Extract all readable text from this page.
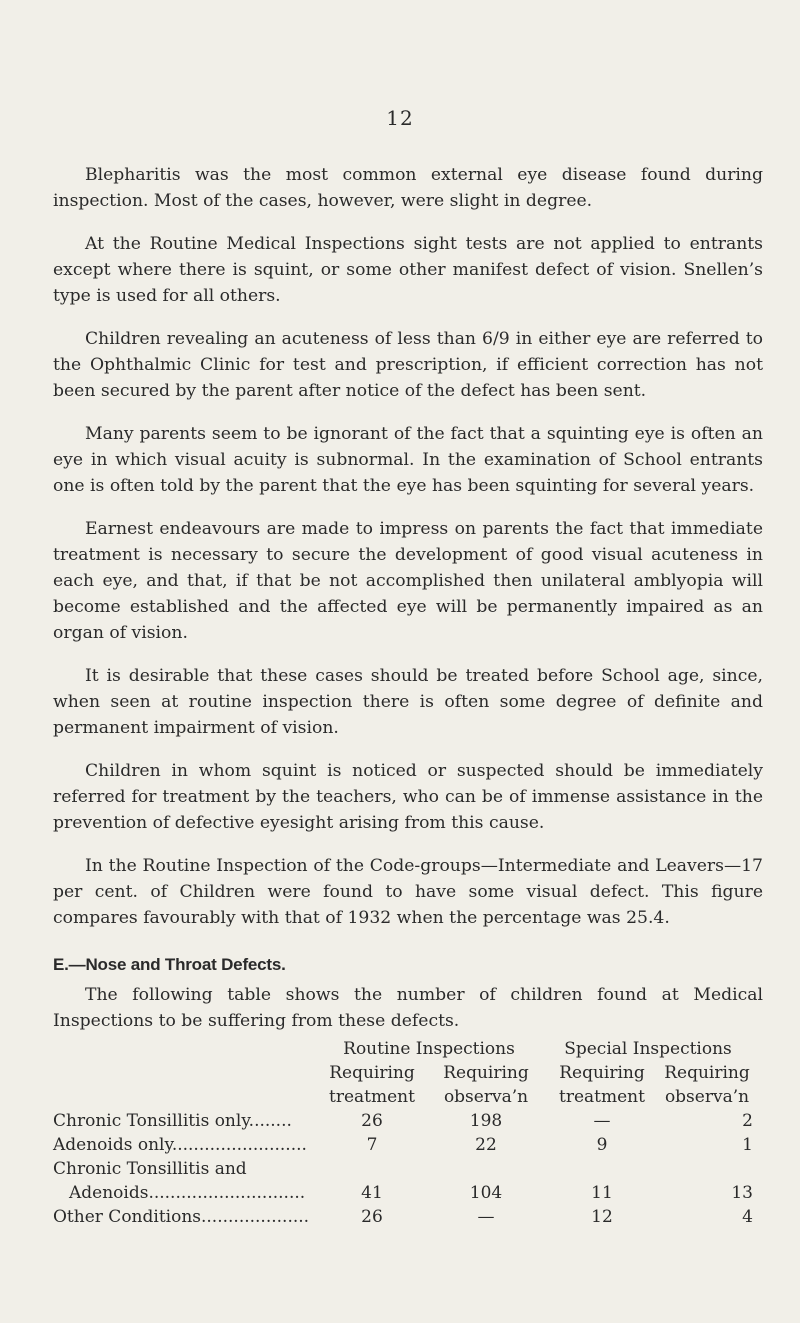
12

Blepharitis was the most common external eye disease found during inspection. Most of the cases, however, were slight in degree.

At the Routine Medical Inspections sight tests are not applied to entrants except where there is squint, or some other manifest defect of vision. Snellen’s type is used for all others.

Children revealing an acuteness of less than 6/9 in either eye are referred to the Ophthalmic Clinic for test and prescription, if efficient correction has not been secured by the parent after notice of the defect has been sent.

Many parents seem to be ignorant of the fact that a squinting eye is often an eye in which visual acuity is subnormal. In the examination of School entrants one is often told by the parent that the eye has been squinting for several years.

Earnest endeavours are made to impress on parents the fact that immediate treatment is necessary to secure the development of good visual acuteness in each eye, and that, if that be not accomplished then unilateral amblyopia will become established and the affected eye will be permanently impaired as an organ of vision.

It is desirable that these cases should be treated before School age, since, when seen at routine inspection there is often some degree of definite and permanent impairment of vision.

Children in whom squint is noticed or suspected should be immediately referred for treatment by the teachers, who can be of immense assistance in the prevention of defective eyesight arising from this cause.

In the Routine Inspection of the Code-groups—Intermediate and Leavers—17 per cent. of Children were found to have some visual defect. This figure compares favourably with that of 1932 when the percentage was 25.4.

E.—Nose and Throat Defects.

The following table shows the number of children found at Medical Inspections to be suffering from these defects.

	Routine Inspections		Special Inspections	
	Requiring	Requiring	Requiring	Requiring
	treatment	observa’n	treatment	observa’n
Chronic Tonsillitis only........	26	198	—	2
Adenoids only.........................	7	22	9	1
Chronic Tonsillitis and				
Adenoids.............................	41	104	11	13
Other Conditions....................	26	—	12	4
